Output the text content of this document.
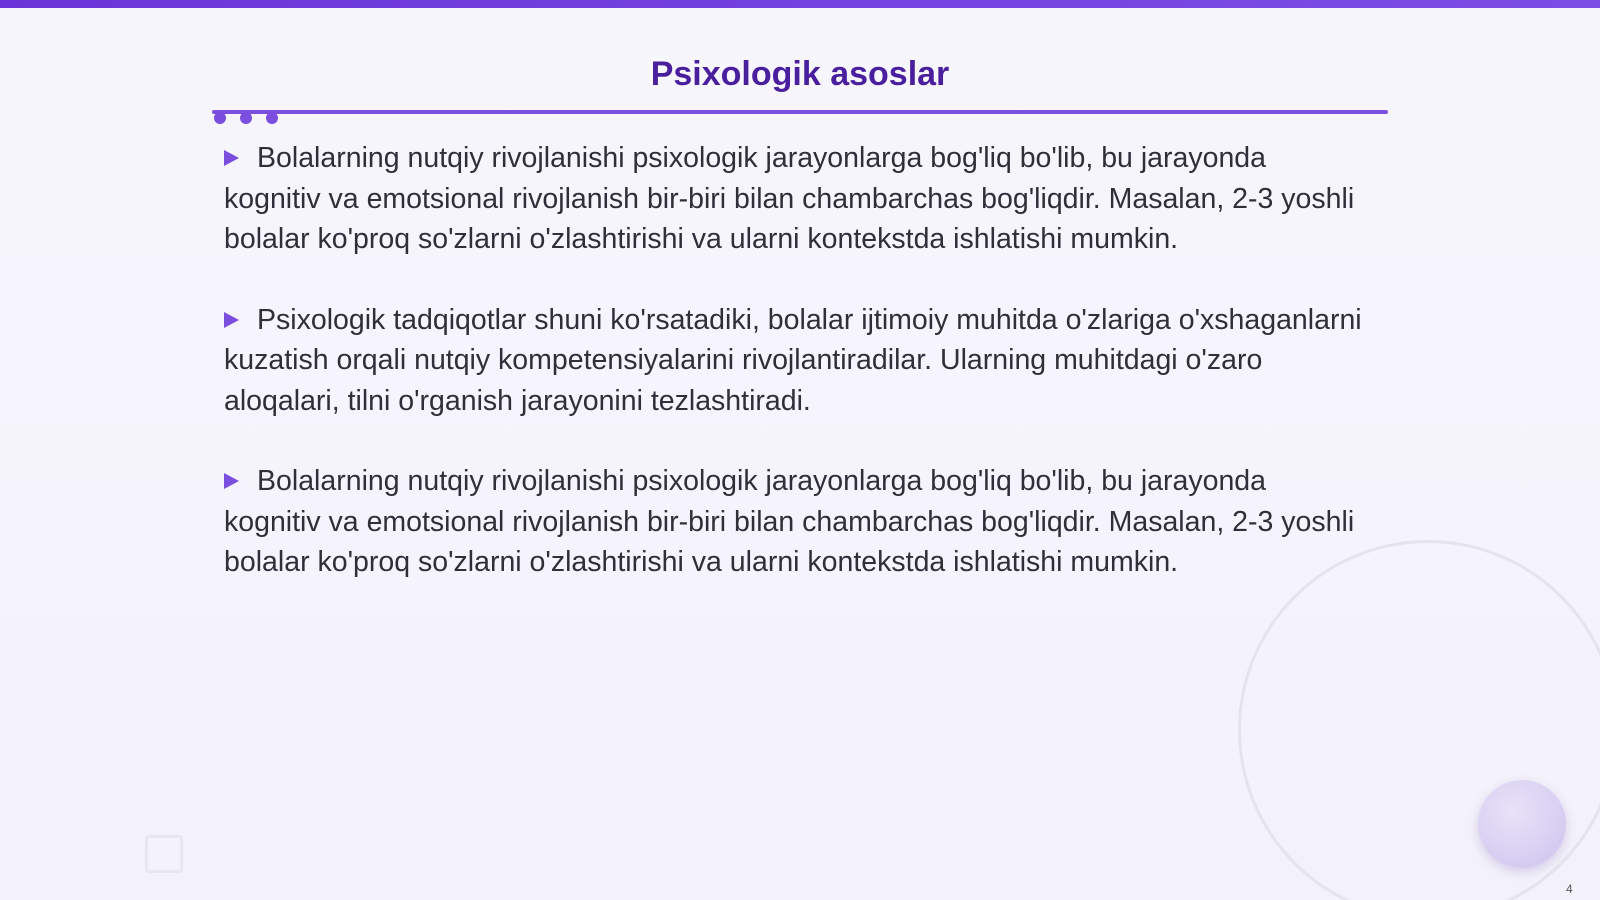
Psixologik asoslar

Bolalarning nutqiy rivojlanishi psixologik jarayonlarga bog'liq bo'lib, bu jarayonda kognitiv va emotsional rivojlanish bir-biri bilan chambarchas bog'liqdir. Masalan, 2-3 yoshli bolalar ko'proq so'zlarni o'zlashtirishi va ularni kontekstda ishlatishi mumkin.

Psixologik tadqiqotlar shuni ko'rsatadiki, bolalar ijtimoiy muhitda o'zlariga o'xshaganlarni kuzatish orqali nutqiy kompetensiyalarini rivojlantiradilar. Ularning muhitdagi o'zaro aloqalari, tilni o'rganish jarayonini tezlashtiradi.

Bolalarning nutqiy rivojlanishi psixologik jarayonlarga bog'liq bo'lib, bu jarayonda kognitiv va emotsional rivojlanish bir-biri bilan chambarchas bog'liqdir. Masalan, 2-3 yoshli bolalar ko'proq so'zlarni o'zlashtirishi va ularni kontekstda ishlatishi mumkin.

4
